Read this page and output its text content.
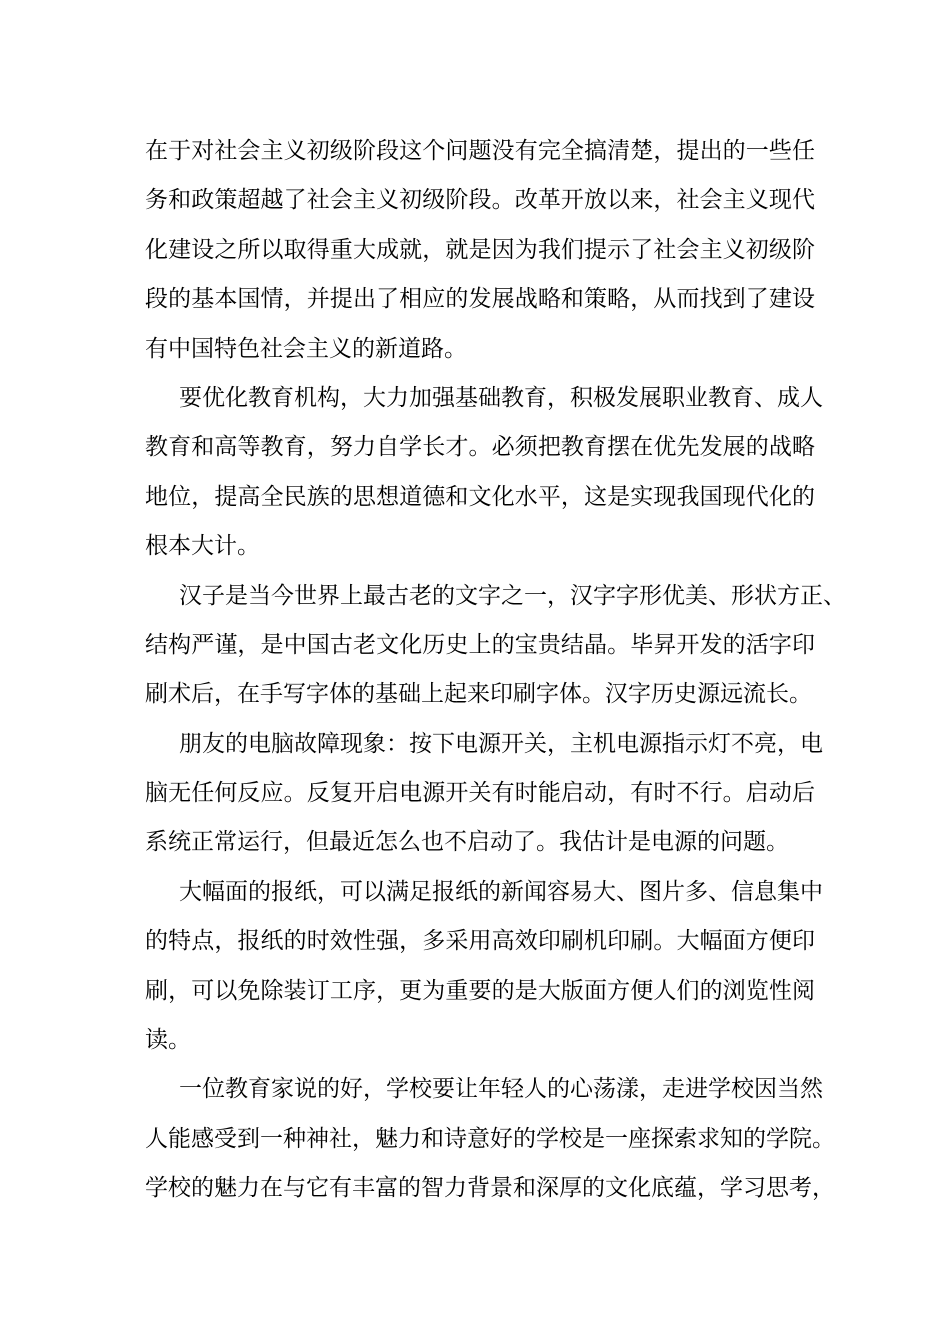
在于对社会主义初级阶段这个问题没有完全搞清楚，提出的一些任
务和政策超越了社会主义初级阶段。改革开放以来，社会主义现代
化建设之所以取得重大成就，就是因为我们提示了社会主义初级阶
段的基本国情，并提出了相应的发展战略和策略，从而找到了建设
有中国特色社会主义的新道路。
要优化教育机构，大力加强基础教育，积极发展职业教育、成人
教育和高等教育，努力自学长才。必须把教育摆在优先发展的战略
地位，提高全民族的思想道德和文化水平，这是实现我国现代化的
根本大计。
汉子是当今世界上最古老的文字之一，汉字字形优美、形状方正、
结构严谨，是中国古老文化历史上的宝贵结晶。毕昇开发的活字印
刷术后，在手写字体的基础上起来印刷字体。汉字历史源远流长。
朋友的电脑故障现象：按下电源开关，主机电源指示灯不亮，电
脑无任何反应。反复开启电源开关有时能启动，有时不行。启动后
系统正常运行，但最近怎么也不启动了。我估计是电源的问题。
大幅面的报纸，可以满足报纸的新闻容易大、图片多、信息集中
的特点，报纸的时效性强，多采用高效印刷机印刷。大幅面方便印
刷，可以免除装订工序，更为重要的是大版面方便人们的浏览性阅
读。
一位教育家说的好，学校要让年轻人的心荡漾，走进学校因当然
人能感受到一种神社，魅力和诗意好的学校是一座探索求知的学院。
学校的魅力在与它有丰富的智力背景和深厚的文化底蕴，学习思考，
